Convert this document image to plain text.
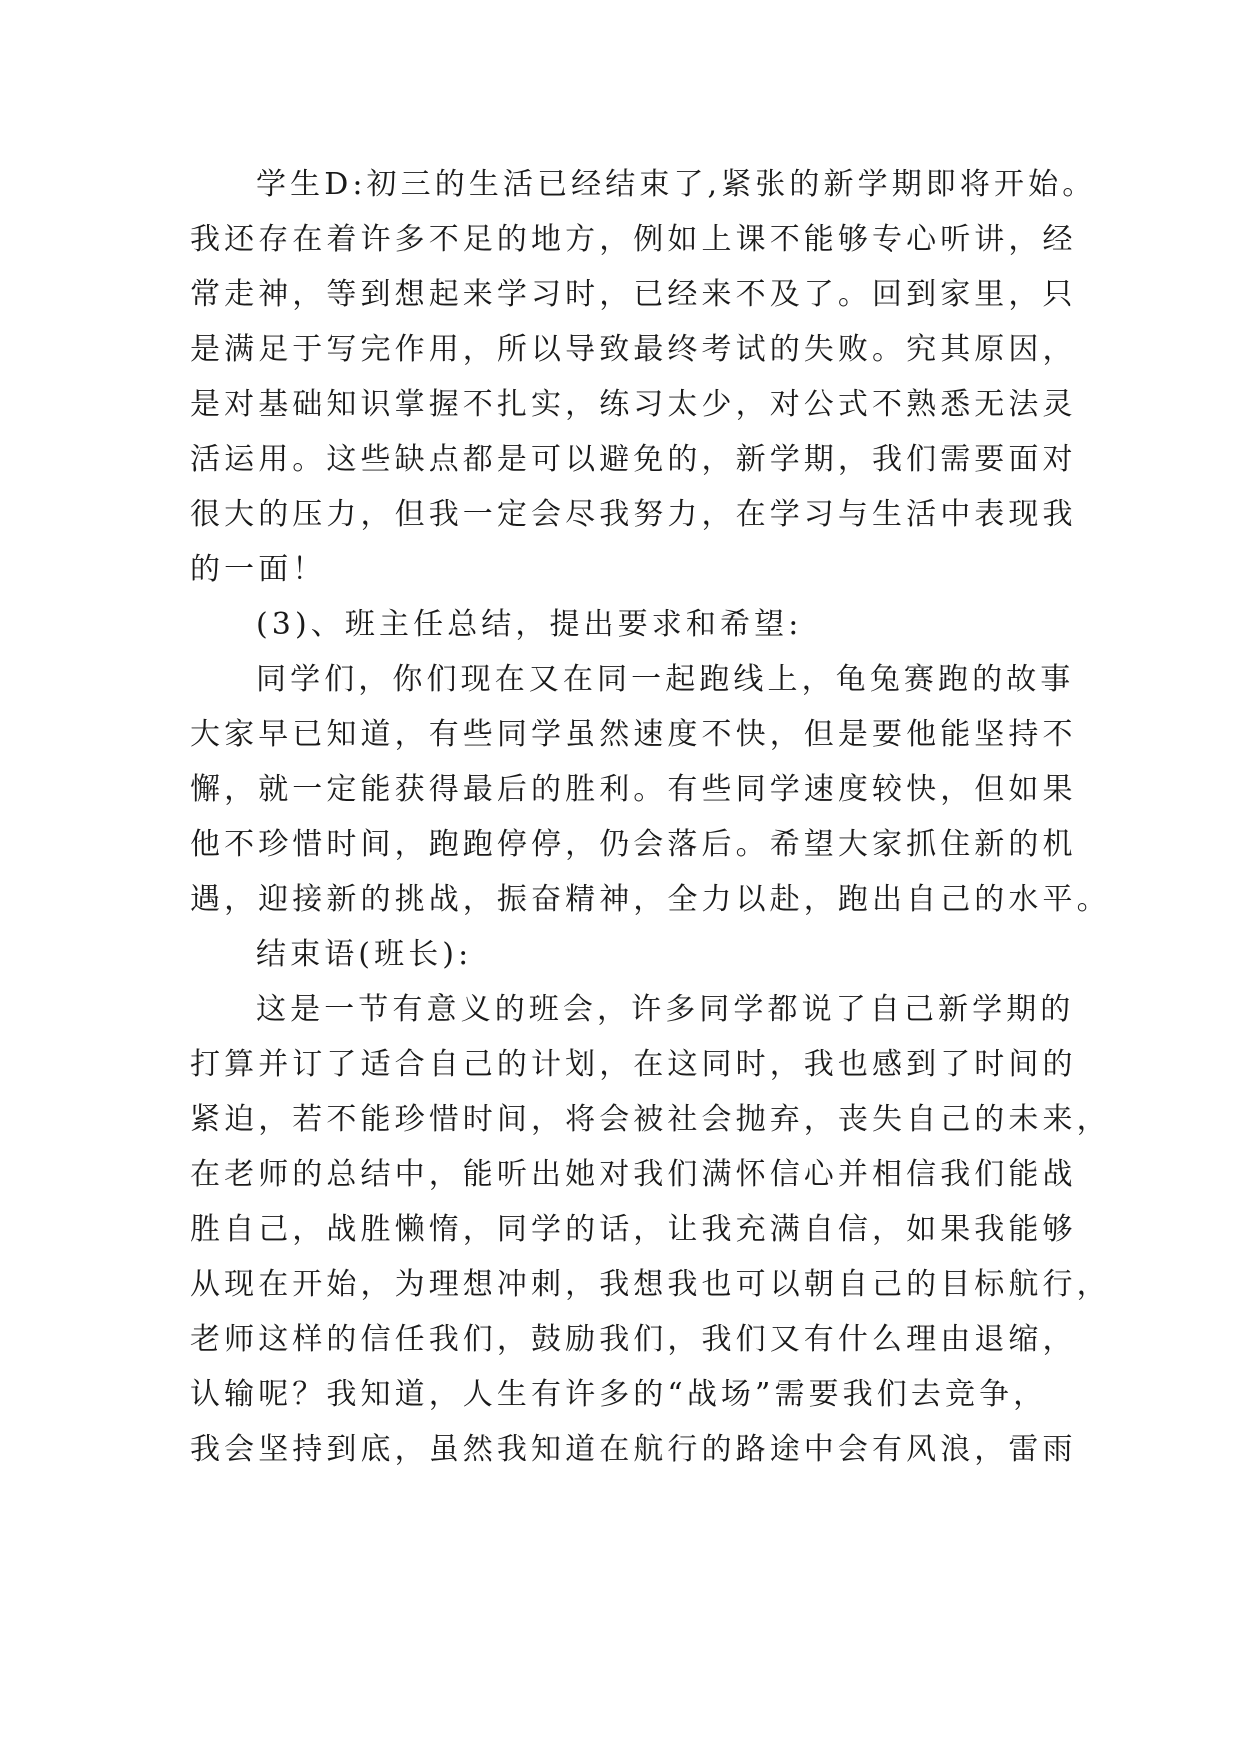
学生D:初三的生活已经结束了,紧张的新学期即将开始。
我还存在着许多不足的地方，例如上课不能够专心听讲，经
常走神，等到想起来学习时，已经来不及了。回到家里，只
是满足于写完作用，所以导致最终考试的失败。究其原因，
是对基础知识掌握不扎实，练习太少，对公式不熟悉无法灵
活运用。这些缺点都是可以避免的，新学期，我们需要面对
很大的压力，但我一定会尽我努力，在学习与生活中表现我
的一面！
(3)、班主任总结，提出要求和希望:
同学们，你们现在又在同一起跑线上，龟兔赛跑的故事
大家早已知道，有些同学虽然速度不快，但是要他能坚持不
懈，就一定能获得最后的胜利。有些同学速度较快，但如果
他不珍惜时间，跑跑停停，仍会落后。希望大家抓住新的机
遇，迎接新的挑战，振奋精神，全力以赴，跑出自己的水平。
结束语(班长):
这是一节有意义的班会，许多同学都说了自己新学期的
打算并订了适合自己的计划，在这同时，我也感到了时间的
紧迫，若不能珍惜时间，将会被社会抛弃，丧失自己的未来，
在老师的总结中，能听出她对我们满怀信心并相信我们能战
胜自己，战胜懒惰，同学的话，让我充满自信，如果我能够
从现在开始，为理想冲刺，我想我也可以朝自己的目标航行，
老师这样的信任我们，鼓励我们，我们又有什么理由退缩，
认输呢？我知道，人生有许多的“战场”需要我们去竞争，
我会坚持到底，虽然我知道在航行的路途中会有风浪，雷雨
